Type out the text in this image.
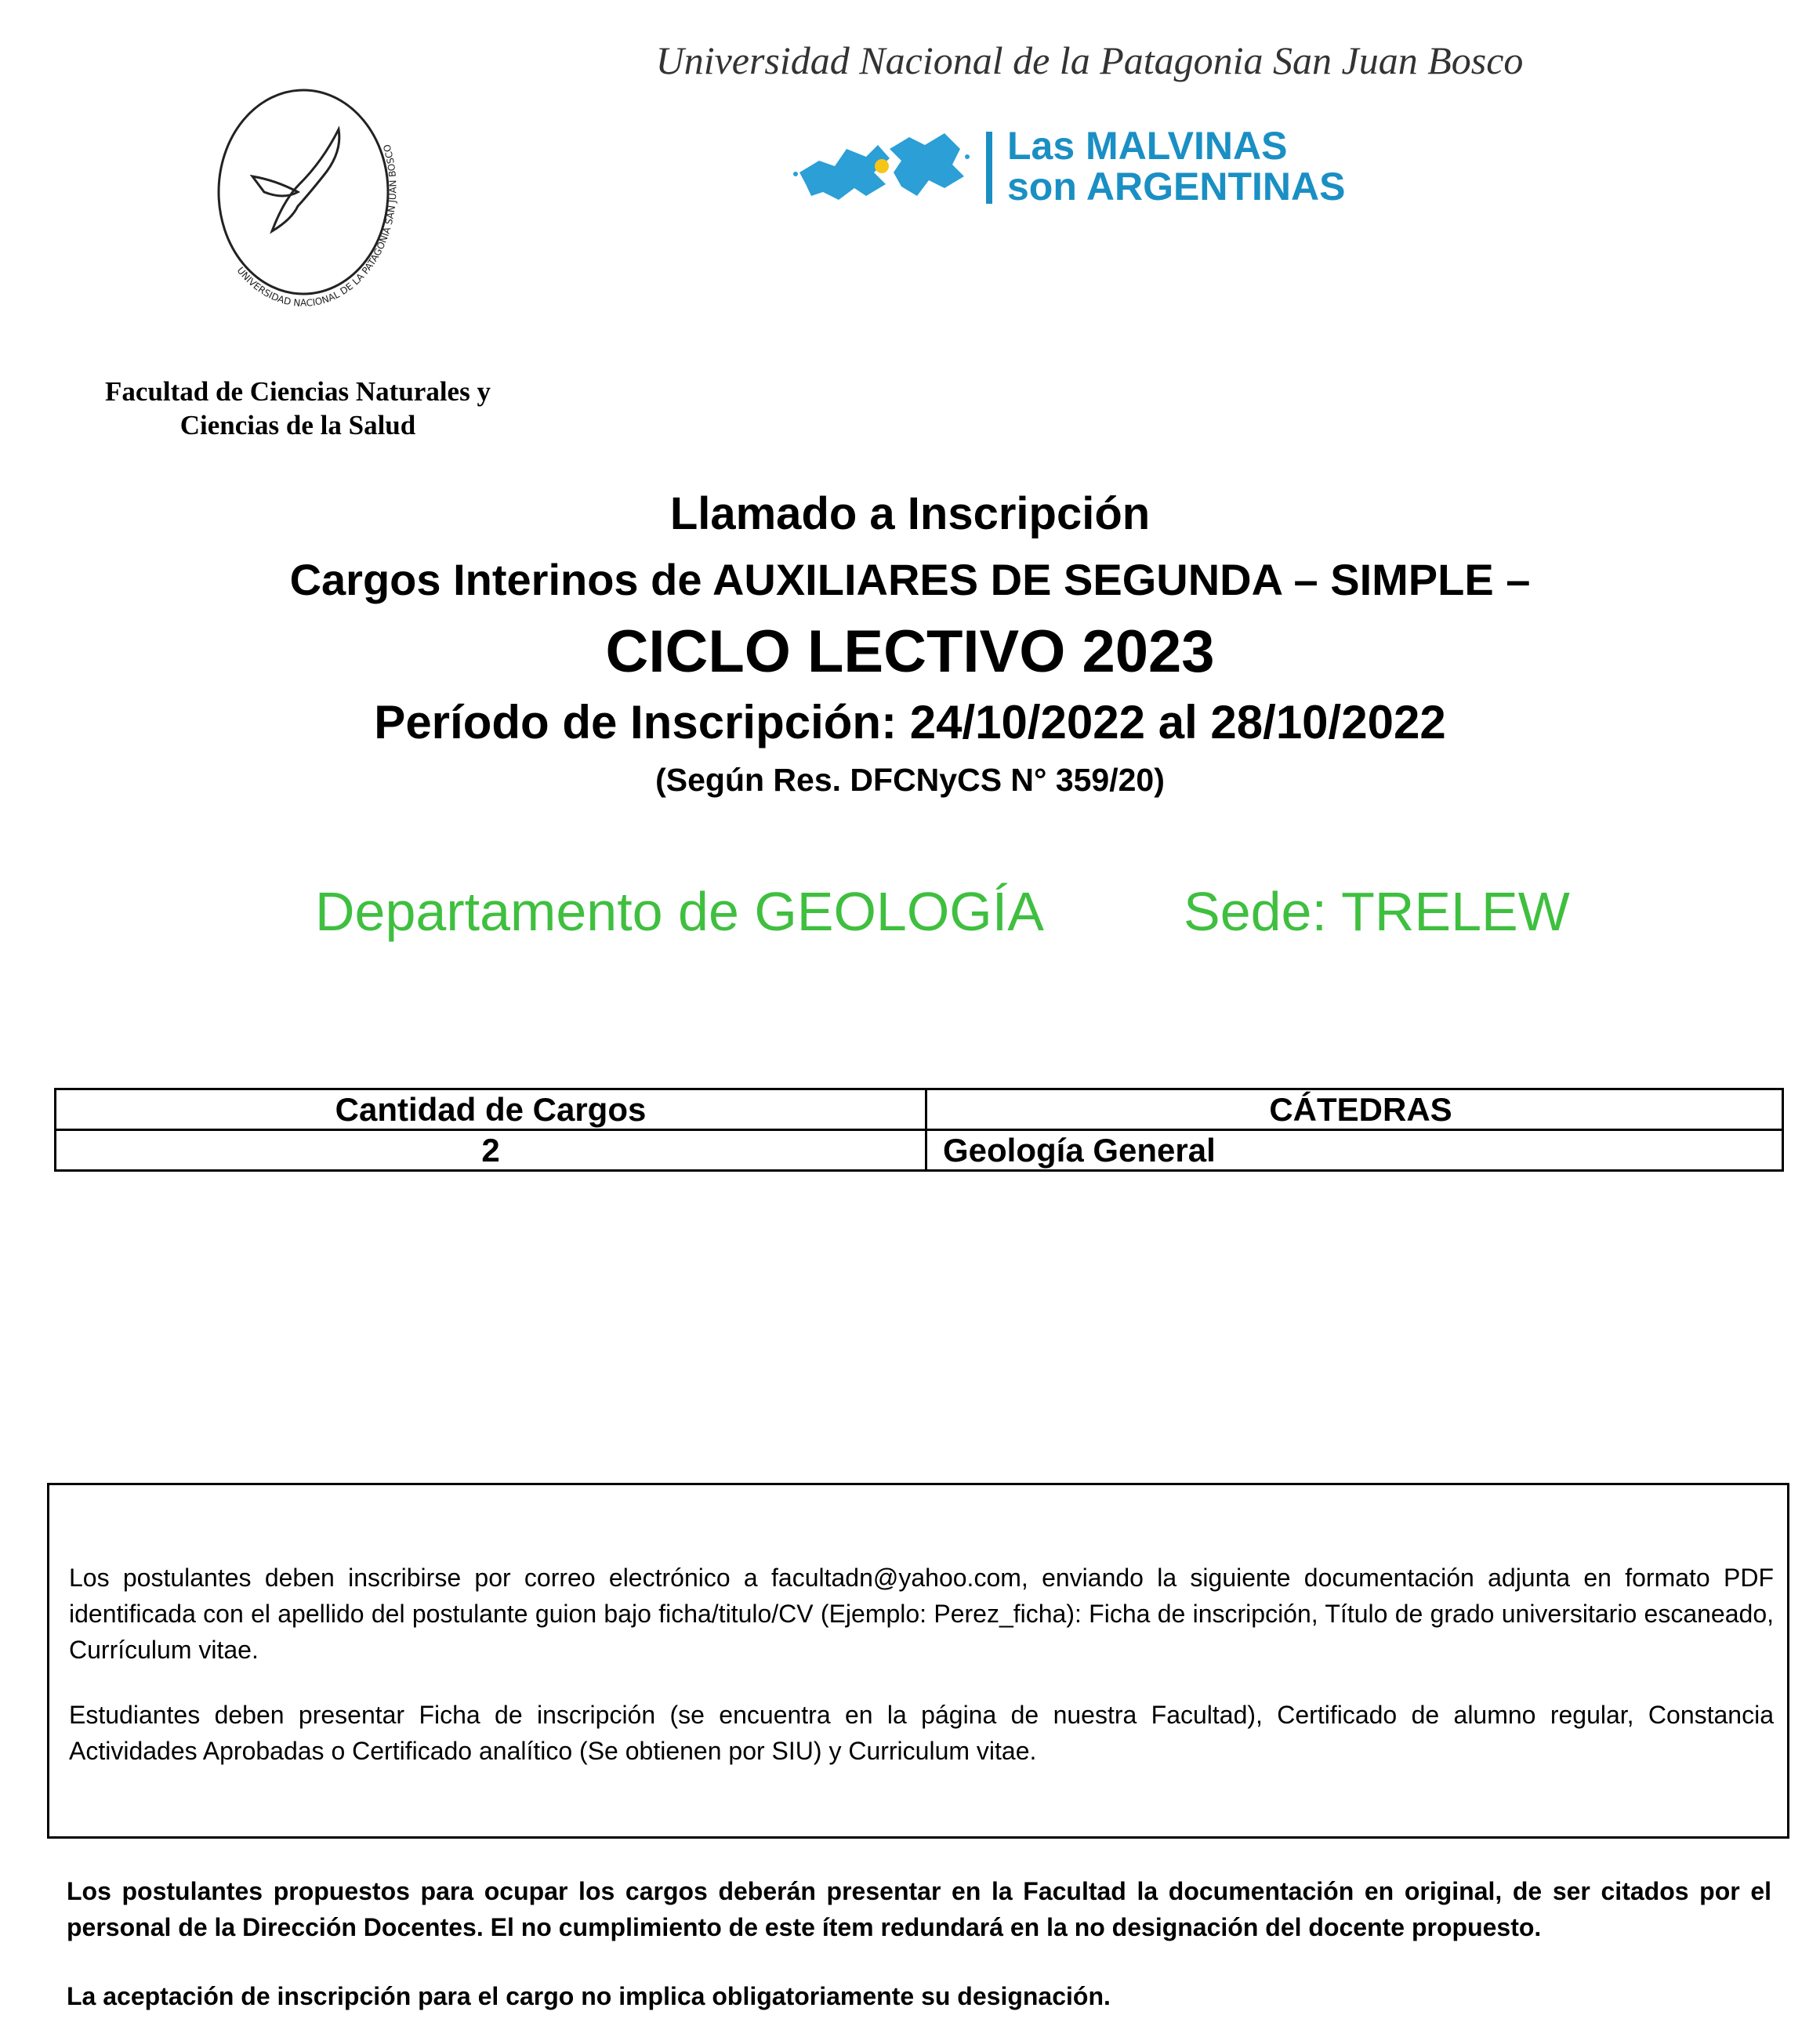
Universidad Nacional de la Patagonia San Juan Bosco
UNIVERSIDAD NACIONAL DE LA PATAGONIA SAN JUAN BOSCO	Las MALVINAS
son ARGENTINAS
Facultad de Ciencias Naturales y
Ciencias de la Salud
Llamado a Inscripción
Cargos Interinos de AUXILIARES DE SEGUNDA – SIMPLE –
CICLO LECTIVO 2023
Período de Inscripción: 24/10/2022 al 28/10/2022
(Según Res. DFCNyCS N° 359/20)
Departamento de GEOLOGÍA	Sede: TRELEW
Cantidad de Cargos	CÁTEDRAS
2	Geología General
Los postulantes deben inscribirse por correo electrónico a facultadn@yahoo.com, enviando la siguiente documentación adjunta en formato PDF identificada con el apellido del postulante guion bajo ficha/titulo/CV (Ejemplo: Perez_ficha): Ficha de inscripción, Título de grado universitario escaneado, Currículum vitae.
Estudiantes deben presentar Ficha de inscripción (se encuentra en la página de nuestra Facultad), Certificado de alumno regular, Constancia Actividades Aprobadas o Certificado analítico (Se obtienen por SIU) y Curriculum vitae.
Los postulantes propuestos para ocupar los cargos deberán presentar en la Facultad la documentación en original, de ser citados por el personal de la Dirección Docentes. El no cumplimiento de este ítem redundará en la no designación del docente propuesto.
La aceptación de inscripción para el cargo no implica obligatoriamente su designación.
